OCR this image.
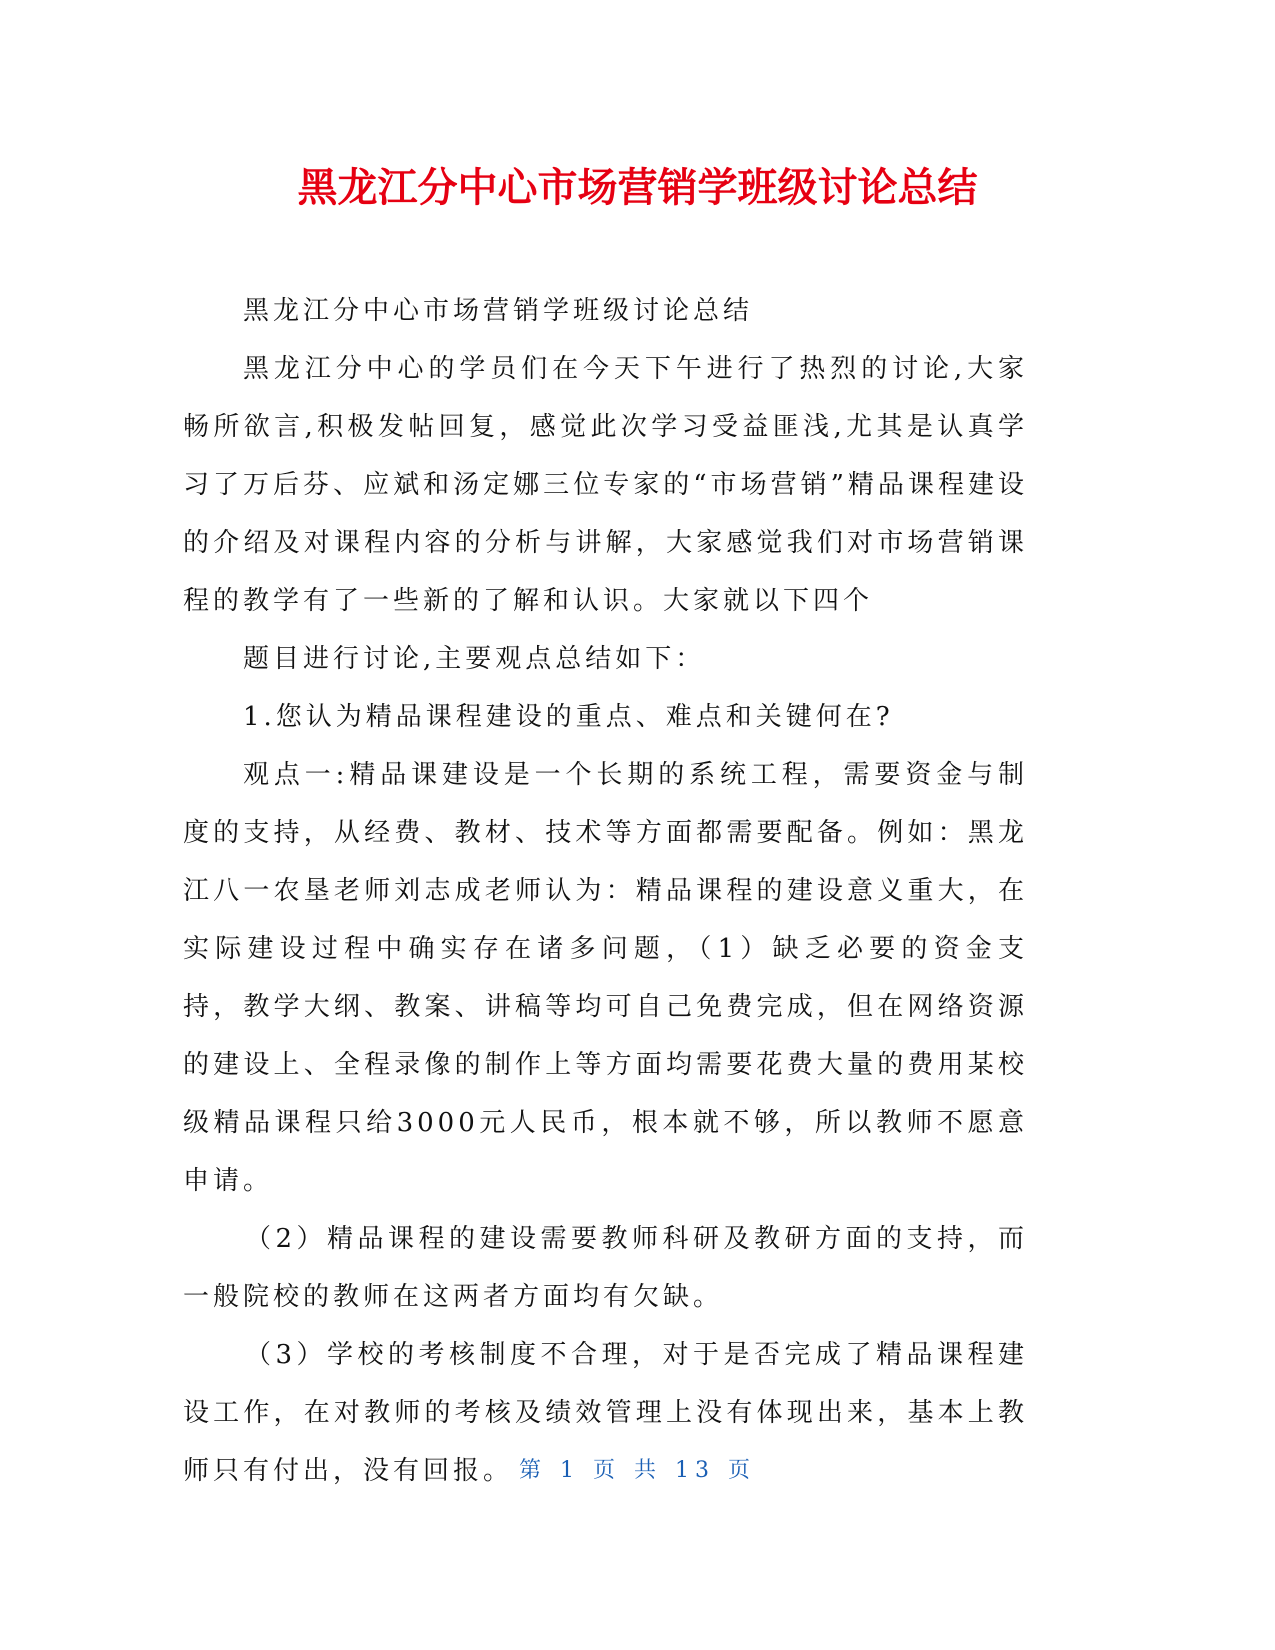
黑龙江分中心市场营销学班级讨论总结

黑龙江分中心市场营销学班级讨论总结

黑龙江分中心的学员们在今天下午进行了热烈的讨论,大家畅所欲言,积极发帖回复，感觉此次学习受益匪浅,尤其是认真学习了万后芬、应斌和汤定娜三位专家的“市场营销”精品课程建设的介绍及对课程内容的分析与讲解，大家感觉我们对市场营销课程的教学有了一些新的了解和认识。大家就以下四个

题目进行讨论,主要观点总结如下：

1.您认为精品课程建设的重点、难点和关键何在?

观点一:精品课建设是一个长期的系统工程，需要资金与制度的支持，从经费、教材、技术等方面都需要配备。例如：黑龙江八一农垦老师刘志成老师认为：精品课程的建设意义重大，在实际建设过程中确实存在诸多问题，（1）缺乏必要的资金支持，教学大纲、教案、讲稿等均可自己免费完成，但在网络资源的建设上、全程录像的制作上等方面均需要花费大量的费用某校级精品课程只给3000元人民币，根本就不够，所以教师不愿意申请。

（2）精品课程的建设需要教师科研及教研方面的支持，而一般院校的教师在这两者方面均有欠缺。

（3）学校的考核制度不合理，对于是否完成了精品课程建设工作，在对教师的考核及绩效管理上没有体现出来，基本上教师只有付出，没有回报。 第 1 页 共 13 页
